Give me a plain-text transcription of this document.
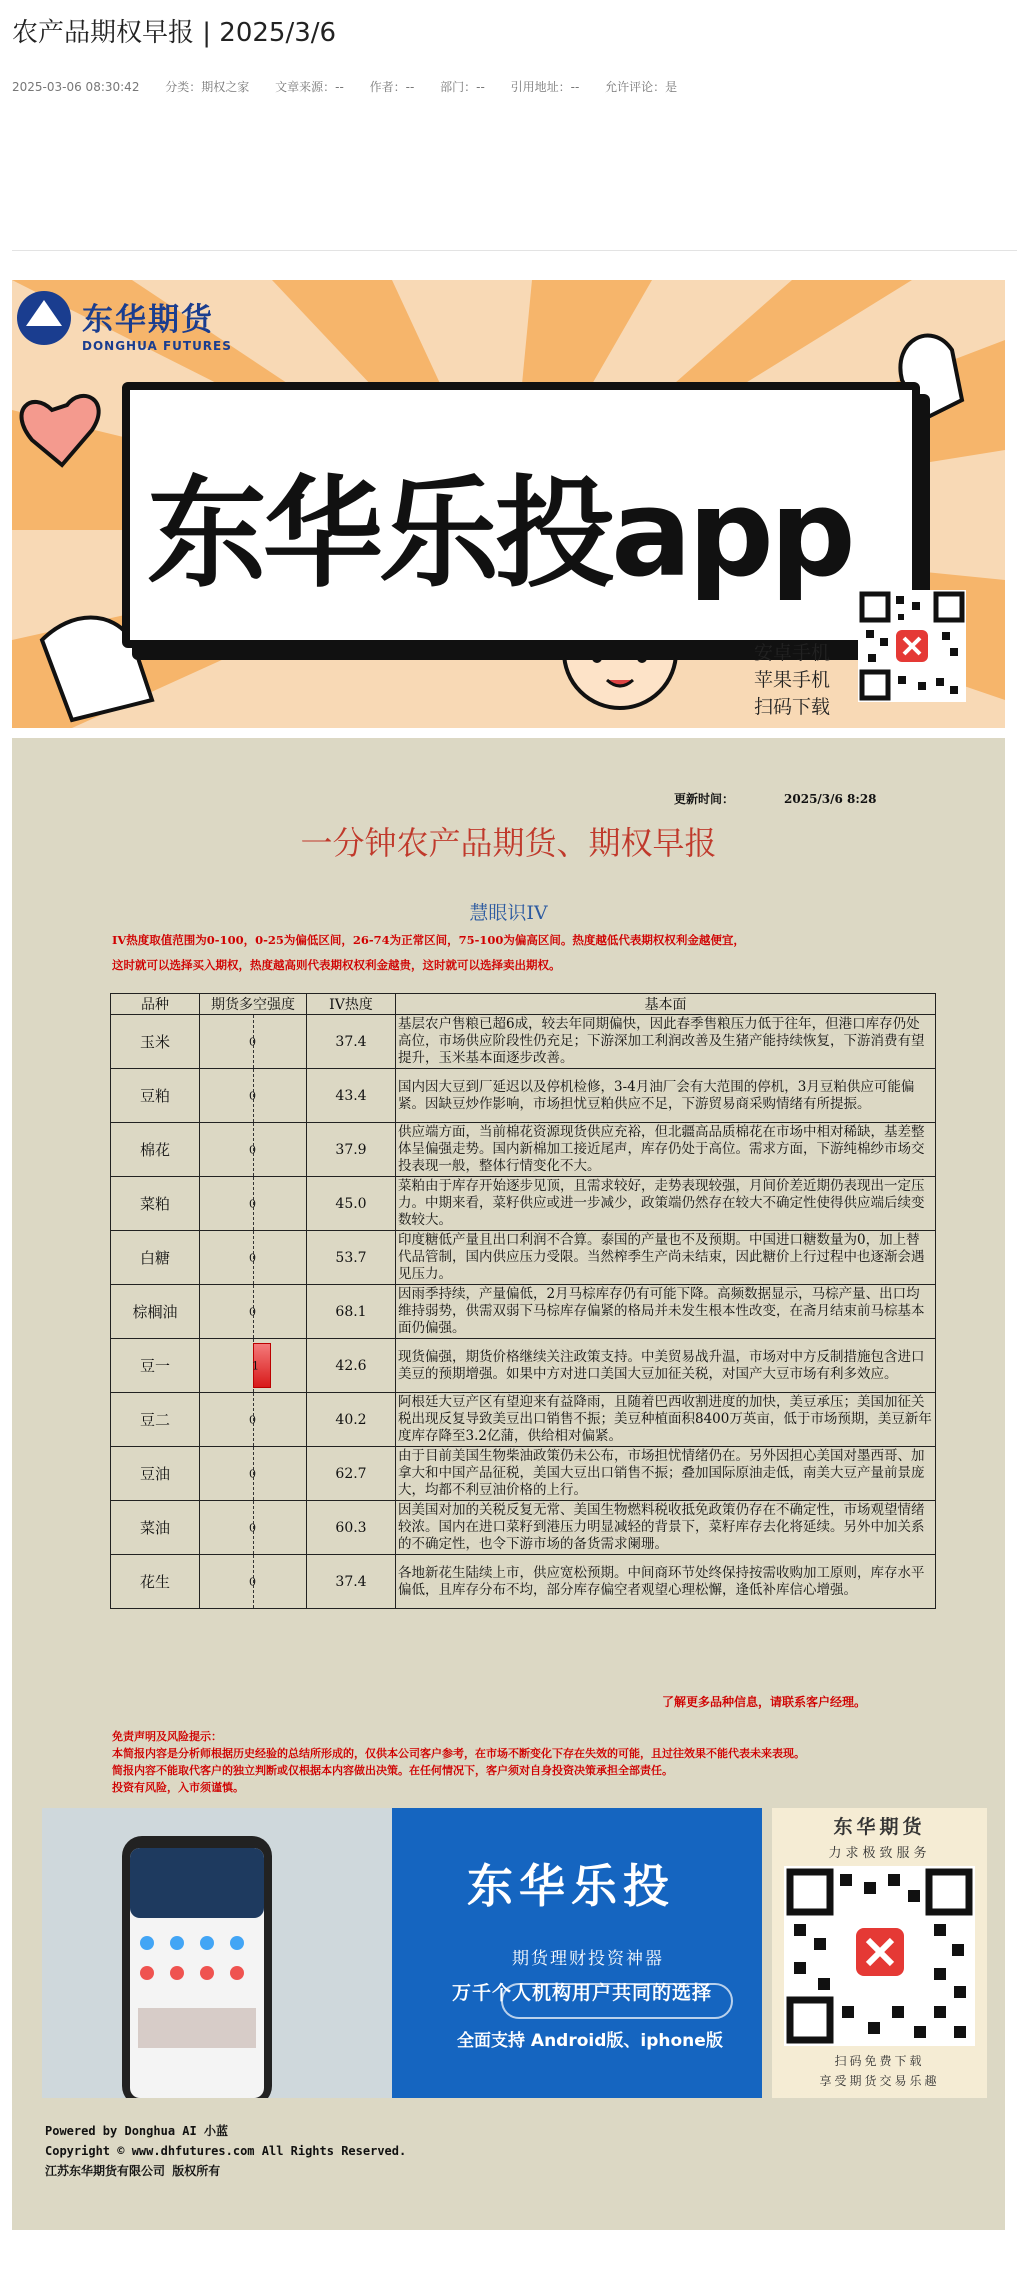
农产品期权早报 | 2025/3/6
2025-03-06 08:30:42 分类：期权之家 文章来源：-- 作者：-- 部门：-- 引用地址：-- 允许评论：是
东华期货
DONGHUA FUTURES
东华乐投app
安卓手机
苹果手机
扫码下载
更新时间：	2025/3/6 8:28
一分钟农产品期货、期权早报
慧眼识IV
IV热度取值范围为0-100，0-25为偏低区间，26-74为正常区间，75-100为偏高区间。热度越低代表期权权利金越便宜，
这时就可以选择买入期权，热度越高则代表期权权利金越贵，这时就可以选择卖出期权。
品种	期货多空强度	IV热度	基本面
玉米	0	37.4	基层农户售粮已超6成，较去年同期偏快，因此春季售粮压力低于往年，但港口库存仍处高位，市场供应阶段性仍充足；下游深加工利润改善及生猪产能持续恢复，下游消费有望提升，玉米基本面逐步改善。
豆粕	0	43.4	国内因大豆到厂延迟以及停机检修，3-4月油厂会有大范围的停机，3月豆粕供应可能偏紧。因缺豆炒作影响，市场担忧豆粕供应不足，下游贸易商采购情绪有所提振。
棉花	0	37.9	供应端方面，当前棉花资源现货供应充裕，但北疆高品质棉花在市场中相对稀缺，基差整体呈偏强走势。国内新棉加工接近尾声，库存仍处于高位。需求方面，下游纯棉纱市场交投表现一般，整体行情变化不大。
菜粕	0	45.0	菜粕由于库存开始逐步见顶，且需求较好，走势表现较强，月间价差近期仍表现出一定压力。中期来看，菜籽供应或进一步减少，政策端仍然存在较大不确定性使得供应端后续变数较大。
白糖	0	53.7	印度糖低产量且出口利润不合算。泰国的产量也不及预期。中国进口糖数量为0，加上替代品管制，国内供应压力受限。当然榨季生产尚未结束，因此糖价上行过程中也逐渐会遇见压力。
棕榈油	0	68.1	因雨季持续，产量偏低，2月马棕库存仍有可能下降。高频数据显示，马棕产量、出口均维持弱势，供需双弱下马棕库存偏紧的格局并未发生根本性改变，在斋月结束前马棕基本面仍偏强。
豆一	1	42.6	现货偏强，期货价格继续关注政策支持。中美贸易战升温，市场对中方反制措施包含进口美豆的预期增强。如果中方对进口美国大豆加征关税，对国产大豆市场有利多效应。
豆二	0	40.2	阿根廷大豆产区有望迎来有益降雨，且随着巴西收割进度的加快，美豆承压；美国加征关税出现反复导致美豆出口销售不振；美豆种植面积8400万英亩，低于市场预期，美豆新年度库存降至3.2亿蒲，供给相对偏紧。
豆油	0	62.7	由于目前美国生物柴油政策仍未公布，市场担忧情绪仍在。另外因担心美国对墨西哥、加拿大和中国产品征税，美国大豆出口销售不振；叠加国际原油走低，南美大豆产量前景庞大，均都不利豆油价格的上行。
菜油	0	60.3	因美国对加的关税反复无常、美国生物燃料税收抵免政策仍存在不确定性，市场观望情绪较浓。国内在进口菜籽到港压力明显减轻的背景下，菜籽库存去化将延续。另外中加关系的不确定性，也令下游市场的备货需求阑珊。
花生	0	37.4	各地新花生陆续上市，供应宽松预期。中间商环节处终保持按需收购加工原则，库存水平偏低，且库存分布不均，部分库存偏空者观望心理松懈，逢低补库信心增强。
了解更多品种信息，请联系客户经理。
免责声明及风险提示：
本简报内容是分析师根据历史经验的总结所形成的，仅供本公司客户参考，在市场不断变化下存在失效的可能，且过往效果不能代表未来表现。
简报内容不能取代客户的独立判断或仅根据本内容做出决策。在任何情况下，客户须对自身投资决策承担全部责任。
投资有风险，入市须谨慎。
东华乐投
期货理财投资神器
万千个人机构用户共同的选择
全面支持 Android版、iphone版
东华期货
力求极致服务
扫码免费下载
享受期货交易乐趣
Powered by Donghua AI 小蓝
Copyright © www.dhfutures.com All Rights Reserved.
江苏东华期货有限公司 版权所有
